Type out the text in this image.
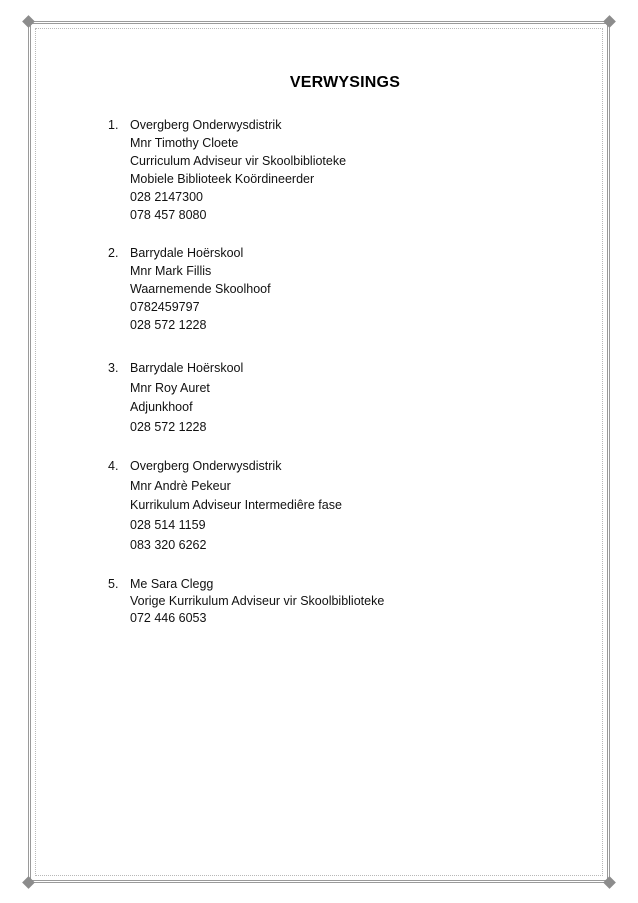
VERWYSINGS
1. Overgberg Onderwysdistrik
Mnr Timothy Cloete
Curriculum Adviseur vir Skoolbiblioteke
Mobiele Biblioteek Koördineerder
028 2147300
078 457 8080
2. Barrydale Hoërskool
Mnr Mark Fillis
Waarnemende Skoolhoof
0782459797
028 572 1228
3. Barrydale Hoërskool
Mnr Roy Auret
Adjunkhoof
028 572 1228
4. Overgberg Onderwysdistrik
Mnr Andrè Pekeur
Kurrikulum Adviseur Intermediêre fase
028 514 1159
083 320 6262
5. Me Sara Clegg
Vorige Kurrikulum Adviseur vir Skoolbiblioteke
072 446 6053
